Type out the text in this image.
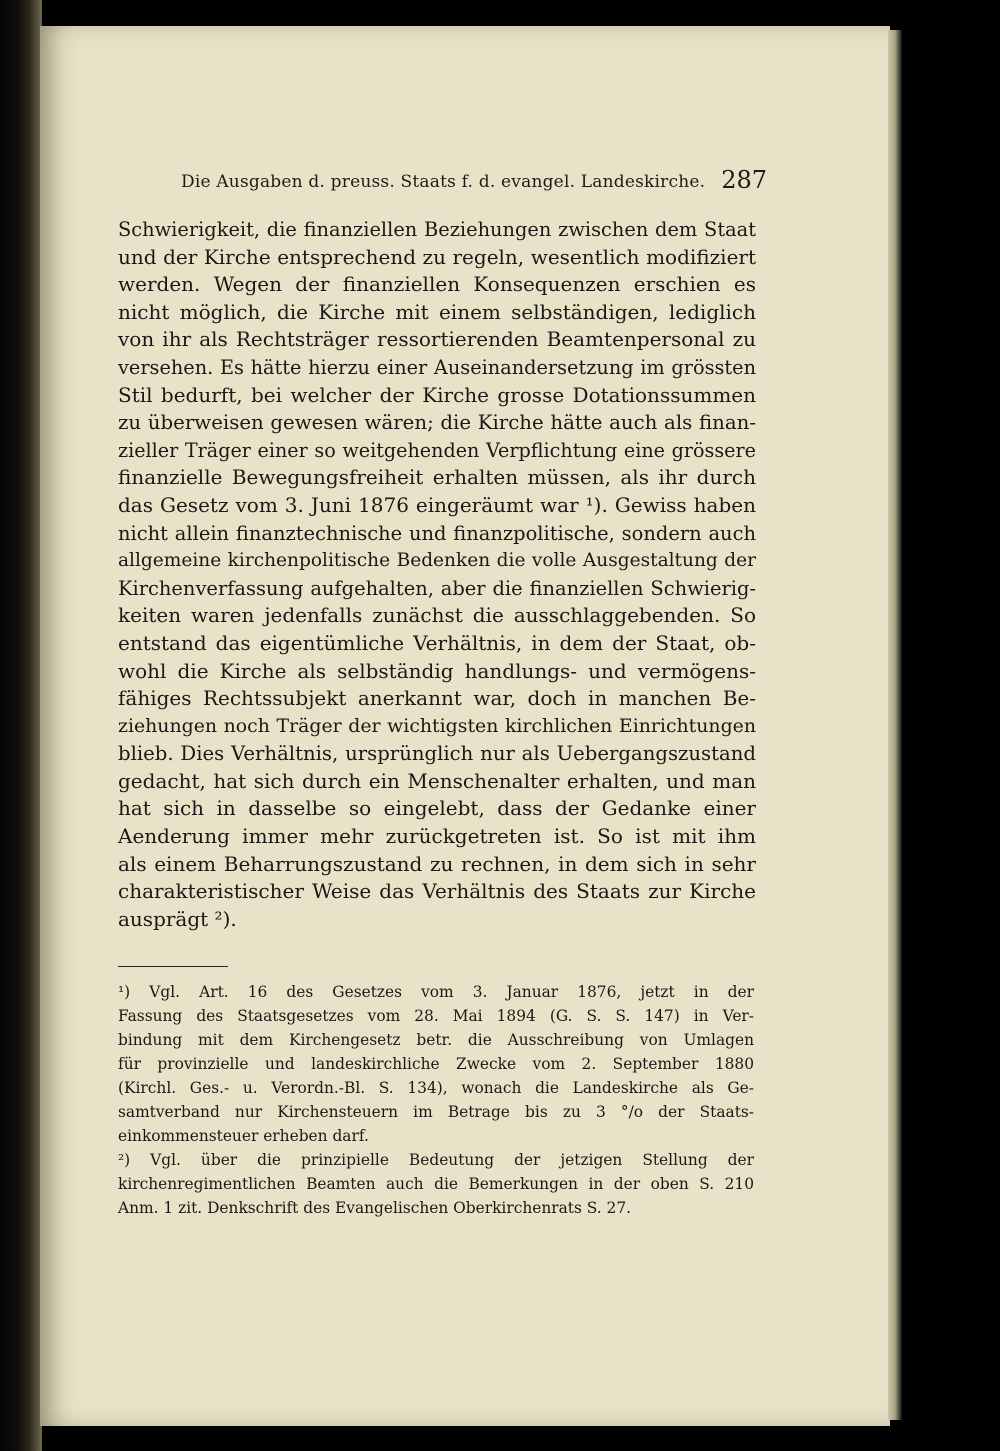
Die Ausgaben d. preuss. Staats f. d. evangel. Landeskirche. 287
Schwierigkeit, die finanziellen Beziehungen zwischen dem Staat
und der Kirche entsprechend zu regeln, wesentlich modifiziert
werden. Wegen der finanziellen Konsequenzen erschien es
nicht möglich, die Kirche mit einem selbständigen, lediglich
von ihr als Rechtsträger ressortierenden Beamtenpersonal zu
versehen. Es hätte hierzu einer Auseinandersetzung im grössten
Stil bedurft, bei welcher der Kirche grosse Dotationssummen
zu überweisen gewesen wären; die Kirche hätte auch als finan-
zieller Träger einer so weitgehenden Verpflichtung eine grössere
finanzielle Bewegungsfreiheit erhalten müssen, als ihr durch
das Gesetz vom 3. Juni 1876 eingeräumt war ¹). Gewiss haben
nicht allein finanztechnische und finanzpolitische, sondern auch
allgemeine kirchenpolitische Bedenken die volle Ausgestaltung der
Kirchenverfassung aufgehalten, aber die finanziellen Schwierig-
keiten waren jedenfalls zunächst die ausschlaggebenden. So
entstand das eigentümliche Verhältnis, in dem der Staat, ob-
wohl die Kirche als selbständig handlungs- und vermögens-
fähiges Rechtssubjekt anerkannt war, doch in manchen Be-
ziehungen noch Träger der wichtigsten kirchlichen Einrichtungen
blieb. Dies Verhältnis, ursprünglich nur als Uebergangszustand
gedacht, hat sich durch ein Menschenalter erhalten, und man
hat sich in dasselbe so eingelebt, dass der Gedanke einer
Aenderung immer mehr zurückgetreten ist. So ist mit ihm
als einem Beharrungszustand zu rechnen, in dem sich in sehr
charakteristischer Weise das Verhältnis des Staats zur Kirche
ausprägt ²).
¹) Vgl. Art. 16 des Gesetzes vom 3. Januar 1876, jetzt in der
Fassung des Staatsgesetzes vom 28. Mai 1894 (G. S. S. 147) in Ver-
bindung mit dem Kirchengesetz betr. die Ausschreibung von Umlagen
für provinzielle und landeskirchliche Zwecke vom 2. September 1880
(Kirchl. Ges.- u. Verordn.-Bl. S. 134), wonach die Landeskirche als Ge-
samtverband nur Kirchensteuern im Betrage bis zu 3 °/o der Staats-
einkommensteuer erheben darf.
²) Vgl. über die prinzipielle Bedeutung der jetzigen Stellung der
kirchenregimentlichen Beamten auch die Bemerkungen in der oben S. 210
Anm. 1 zit. Denkschrift des Evangelischen Oberkirchenrats S. 27.
